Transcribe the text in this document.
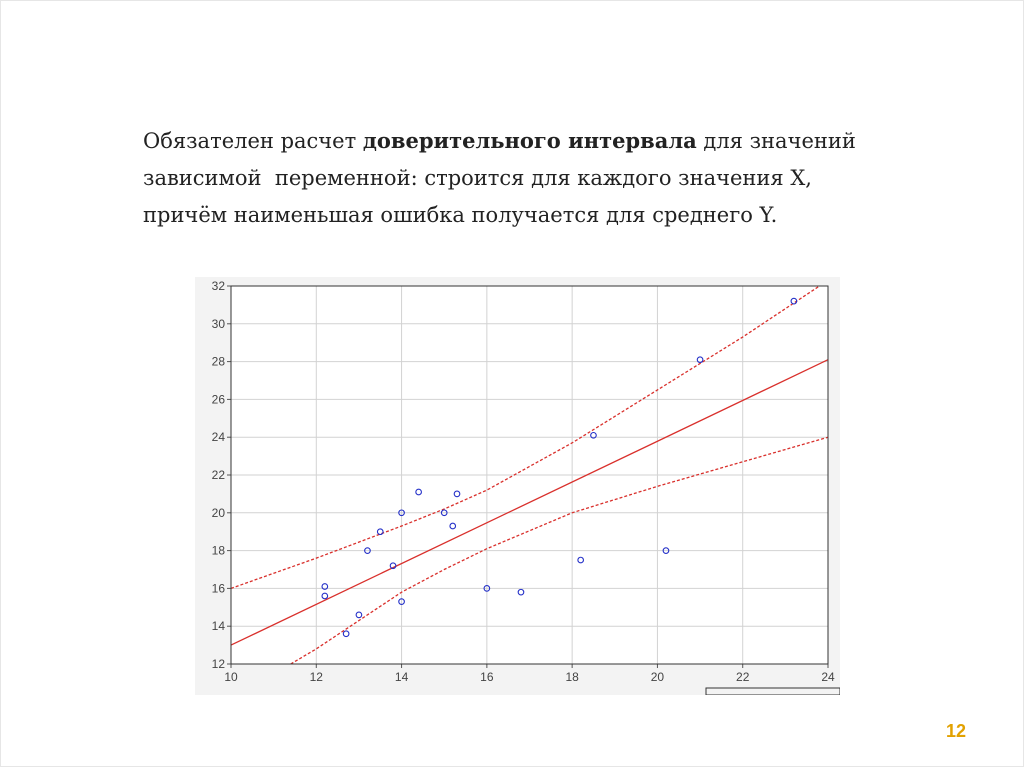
Обязателен расчет доверительного интервала для значений
зависимой  переменной: строится для каждого значения X,
причём наименьшая ошибка получается для среднего Y.
10	12	14	16	18	20	22	24
12
14
16
18
20
22
24
26
28
30
32
12
